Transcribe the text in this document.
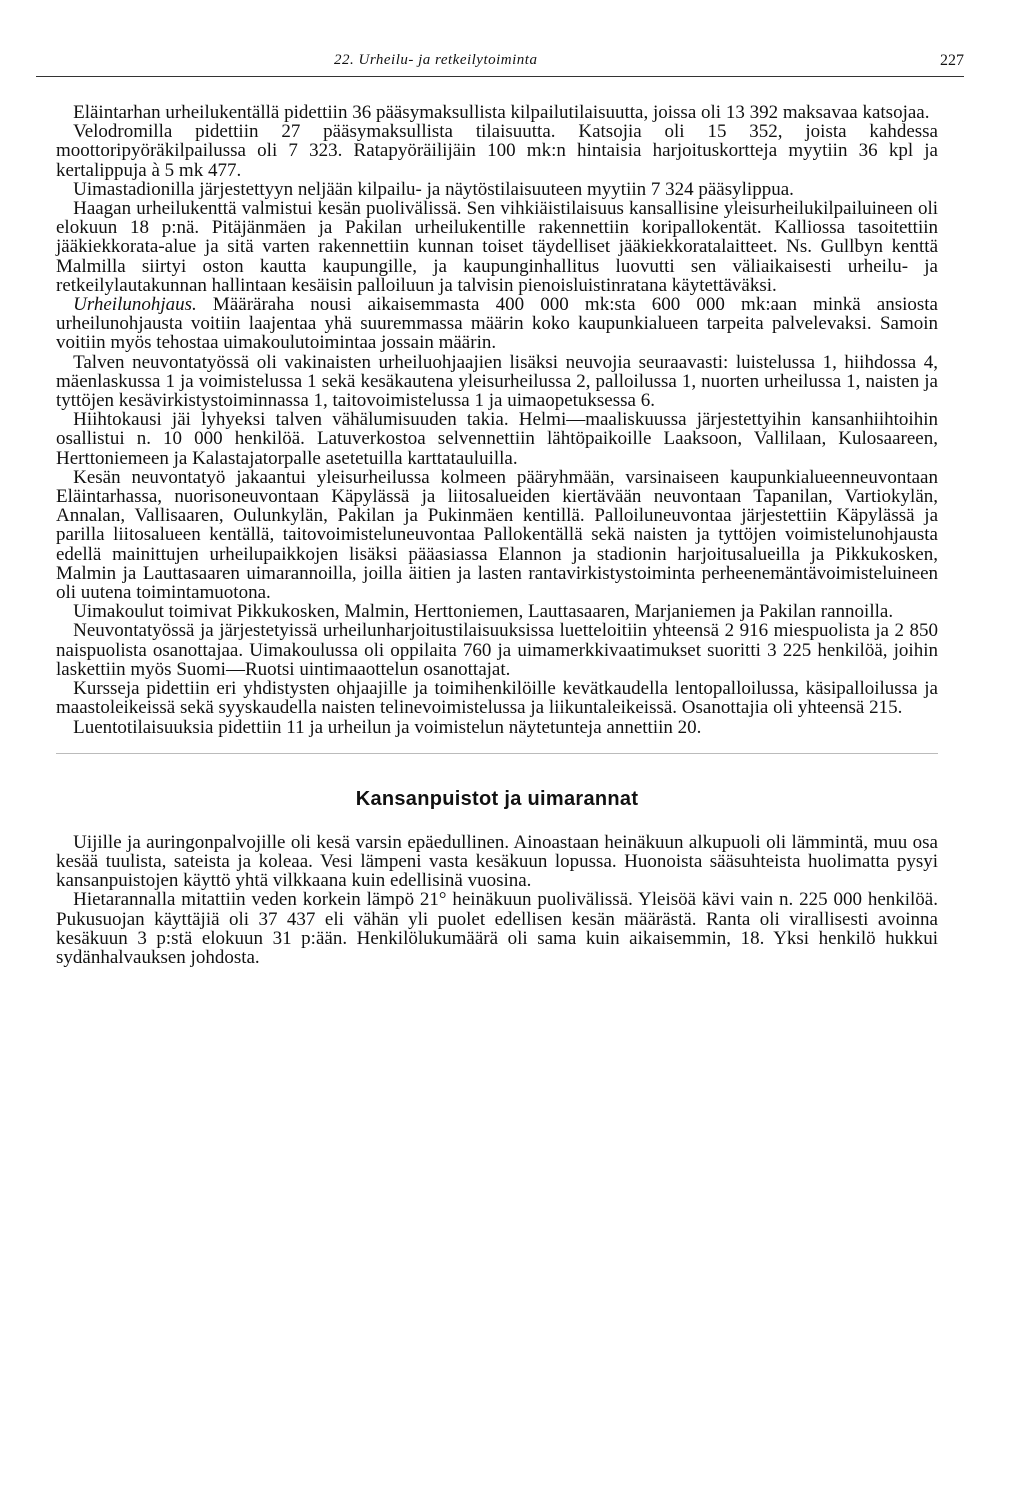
22. Urheilu- ja retkeilytoiminta	227

Eläintarhan urheilukentällä pidettiin 36 pääsymaksullista kilpailutilaisuutta, joissa oli 13 392 maksavaa katsojaa.

Velodromilla pidettiin 27 pääsymaksullista tilaisuutta. Katsojia oli 15 352, joista kahdessa moottoripyöräkilpailussa oli 7 323. Ratapyöräilijäin 100 mk:n hintaisia harjoituskortteja myytiin 36 kpl ja kertalippuja à 5 mk 477.

Uimastadionilla järjestettyyn neljään kilpailu- ja näytöstilaisuuteen myytiin 7 324 pääsylippua.

Haagan urheilukenttä valmistui kesän puolivälissä. Sen vihkiäistilaisuus kansallisine yleisurheilukilpailuineen oli elokuun 18 p:nä. Pitäjänmäen ja Pakilan urheilukentille rakennettiin koripallokentät. Kalliossa tasoitettiin jääkiekkorata-alue ja sitä varten rakennettiin kunnan toiset täydelliset jääkiekkoratalaitteet. Ns. Gullbyn kenttä Malmilla siirtyi oston kautta kaupungille, ja kaupunginhallitus luovutti sen väliaikaisesti urheilu- ja retkeilylautakunnan hallintaan kesäisin palloiluun ja talvisin pienoisluistinratana käytettäväksi.

Urheilunohjaus. Määräraha nousi aikaisemmasta 400 000 mk:sta 600 000 mk:aan minkä ansiosta urheilunohjausta voitiin laajentaa yhä suuremmassa määrin koko kaupunkialueen tarpeita palvelevaksi. Samoin voitiin myös tehostaa uimakoulutoimintaa jossain määrin.

Talven neuvontatyössä oli vakinaisten urheiluohjaajien lisäksi neuvojia seuraavasti: luistelussa 1, hiihdossa 4, mäenlaskussa 1 ja voimistelussa 1 sekä kesäkautena yleisurheilussa 2, palloilussa 1, nuorten urheilussa 1, naisten ja tyttöjen kesävirkistystoiminnassa 1, taitovoimistelussa 1 ja uimaopetuksessa 6.

Hiihtokausi jäi lyhyeksi talven vähälumisuuden takia. Helmi—maaliskuussa järjestettyihin kansanhiihtoihin osallistui n. 10 000 henkilöä. Latuverkostoa selvennettiin lähtöpaikoille Laaksoon, Vallilaan, Kulosaareen, Herttoniemeen ja Kalastajatorpalle asetetuilla karttatauluilla.

Kesän neuvontatyö jakaantui yleisurheilussa kolmeen pääryhmään, varsinaiseen kaupunkialueenneuvontaan Eläintarhassa, nuorisoneuvontaan Käpylässä ja liitosalueiden kiertävään neuvontaan Tapanilan, Vartiokylän, Annalan, Vallisaaren, Oulunkylän, Pakilan ja Pukinmäen kentillä. Palloiluneuvontaa järjestettiin Käpylässä ja parilla liitosalueen kentällä, taitovoimisteluneuvontaa Pallokentällä sekä naisten ja tyttöjen voimistelunohjausta edellä mainittujen urheilupaikkojen lisäksi pääasiassa Elannon ja stadionin harjoitusalueilla ja Pikkukosken, Malmin ja Lauttasaaren uimarannoilla, joilla äitien ja lasten rantavirkistystoiminta perheenemäntävoimisteluineen oli uutena toimintamuotona.

Uimakoulut toimivat Pikkukosken, Malmin, Herttoniemen, Lauttasaaren, Marjaniemen ja Pakilan rannoilla.

Neuvontatyössä ja järjestetyissä urheilunharjoitustilaisuuksissa luetteloitiin yhteensä 2 916 miespuolista ja 2 850 naispuolista osanottajaa. Uimakoulussa oli oppilaita 760 ja uimamerkkivaatimukset suoritti 3 225 henkilöä, joihin laskettiin myös Suomi—Ruotsi uintimaaottelun osanottajat.

Kursseja pidettiin eri yhdistysten ohjaajille ja toimihenkilöille kevätkaudella lentopalloilussa, käsipalloilussa ja maastoleikeissä sekä syyskaudella naisten telinevoimistelussa ja liikuntaleikeissä. Osanottajia oli yhteensä 215.

Luentotilaisuuksia pidettiin 11 ja urheilun ja voimistelun näytetunteja annettiin 20.

Kansanpuistot ja uimarannat

Uijille ja auringonpalvojille oli kesä varsin epäedullinen. Ainoastaan heinäkuun alkupuoli oli lämmintä, muu osa kesää tuulista, sateista ja koleaa. Vesi lämpeni vasta kesäkuun lopussa. Huonoista sääsuhteista huolimatta pysyi kansanpuistojen käyttö yhtä vilkkaana kuin edellisinä vuosina.

Hietarannalla mitattiin veden korkein lämpö 21° heinäkuun puolivälissä. Yleisöä kävi vain n. 225 000 henkilöä. Pukusuojan käyttäjiä oli 37 437 eli vähän yli puolet edellisen kesän määrästä. Ranta oli virallisesti avoinna kesäkuun 3 p:stä elokuun 31 p:ään. Henkilölukumäärä oli sama kuin aikaisemmin, 18. Yksi henkilö hukkui sydänhalvauksen johdosta.
